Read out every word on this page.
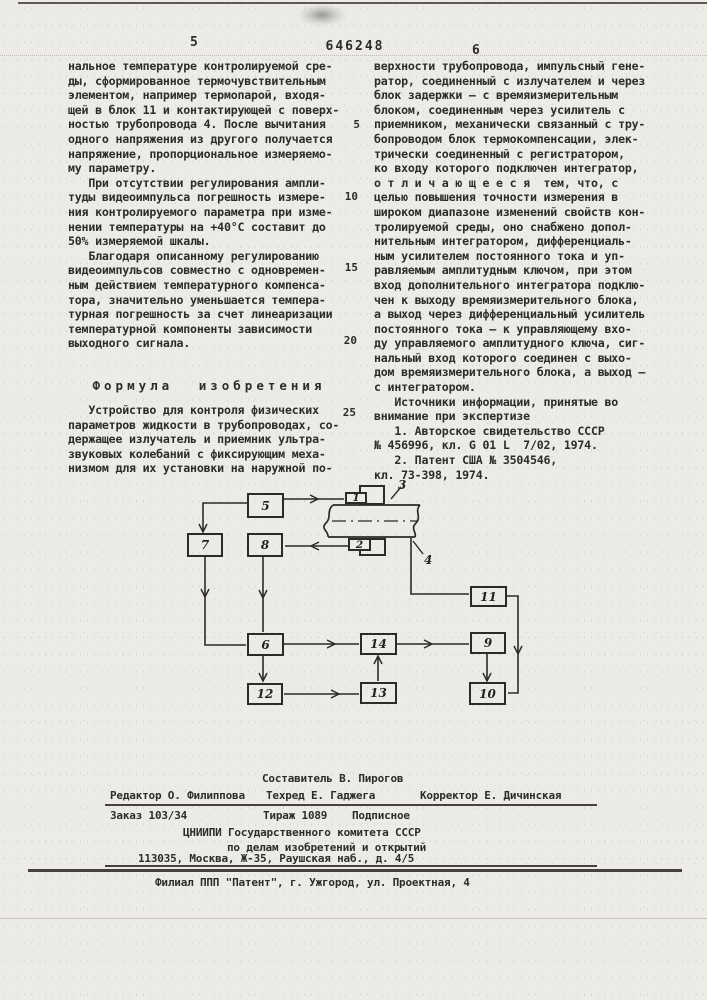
5	646248	6
нальное температуре контролируемой сре-
ды, сформированное термочувствительным
элементом, например термопарой, входя-
щей в блок 11 и контактирующей с поверх-
ностью трубопровода 4. После вычитания
одного напряжения из другого получается
напряжение, пропорциональное измеряемо-
му параметру.
При отсутствии регулирования ампли-
туды видеоимпульса погрешность измере-
ния контролируемого параметра при изме-
нении температуры на +40°С составит до
50% измеряемой шкалы.
Благодаря описанному регулированию
видеоимпульсов совместно с одновремен-
ным действием температурного компенса-
тора, значительно уменьшается темпера-
турная погрешность за счет линеаризации
температурной компоненты зависимости
выходного сигнала.
Формула изобретения
Устройство для контроля физических
параметров жидкости в трубопроводах, со-
держащее излучатель и приемник ультра-
звуковых колебаний с фиксирующим меха-
низмом для их установки на наружной по-
верхности трубопровода, импульсный гене-
ратор, соединенный с излучателем и через
блок задержки — с времяизмерительным
блоком, соединенным через усилитель с
приемником, механически связанный с тру-
бопроводом блок термокомпенсации, элек-
трически соединенный с регистратором,
ко входу которого подключен интегратор,
о т л и ч а ю щ е е с я  тем, что, с
целью повышения точности измерения в
широком диапазоне изменений свойств кон-
тролируемой среды, оно снабжено допол-
нительным интегратором, дифференциаль-
ным усилителем постоянного тока и уп-
равляемым амплитудным ключом, при этом
вход дополнительного интегратора подклю-
чен к выходу времяизмерительного блока,
а выход через дифференциальный усилитель
постоянного тока — к управляющему вхо-
ду управляемого амплитудного ключа, сиг-
нальный вход которого соединен с выхо-
дом времяизмерительного блока, а выход —
с интегратором.
Источники информации, принятые во
внимание при экспертизе
1. Авторское свидетельство СССР
№ 456996, кл. G 01 L  7/02, 1974.
2. Патент США № 3504546,
кл. 73-398, 1974.
5
10
15
20
25
1
2
5
7	8
11
6	14	9
12	13	10
3
4
Составитель В. Пирогов
Редактор О. Филиппова Техред Е. Гаджега	Корректор Е. Дичинская
Заказ 103/34	Тираж 1089 Подписное
ЦНИИПИ Государственного комитета СССР
по делам изобретений и открытий
113035, Москва, Ж-35, Раушская наб., д. 4/5
Филиал ППП "Патент", г. Ужгород, ул. Проектная, 4
